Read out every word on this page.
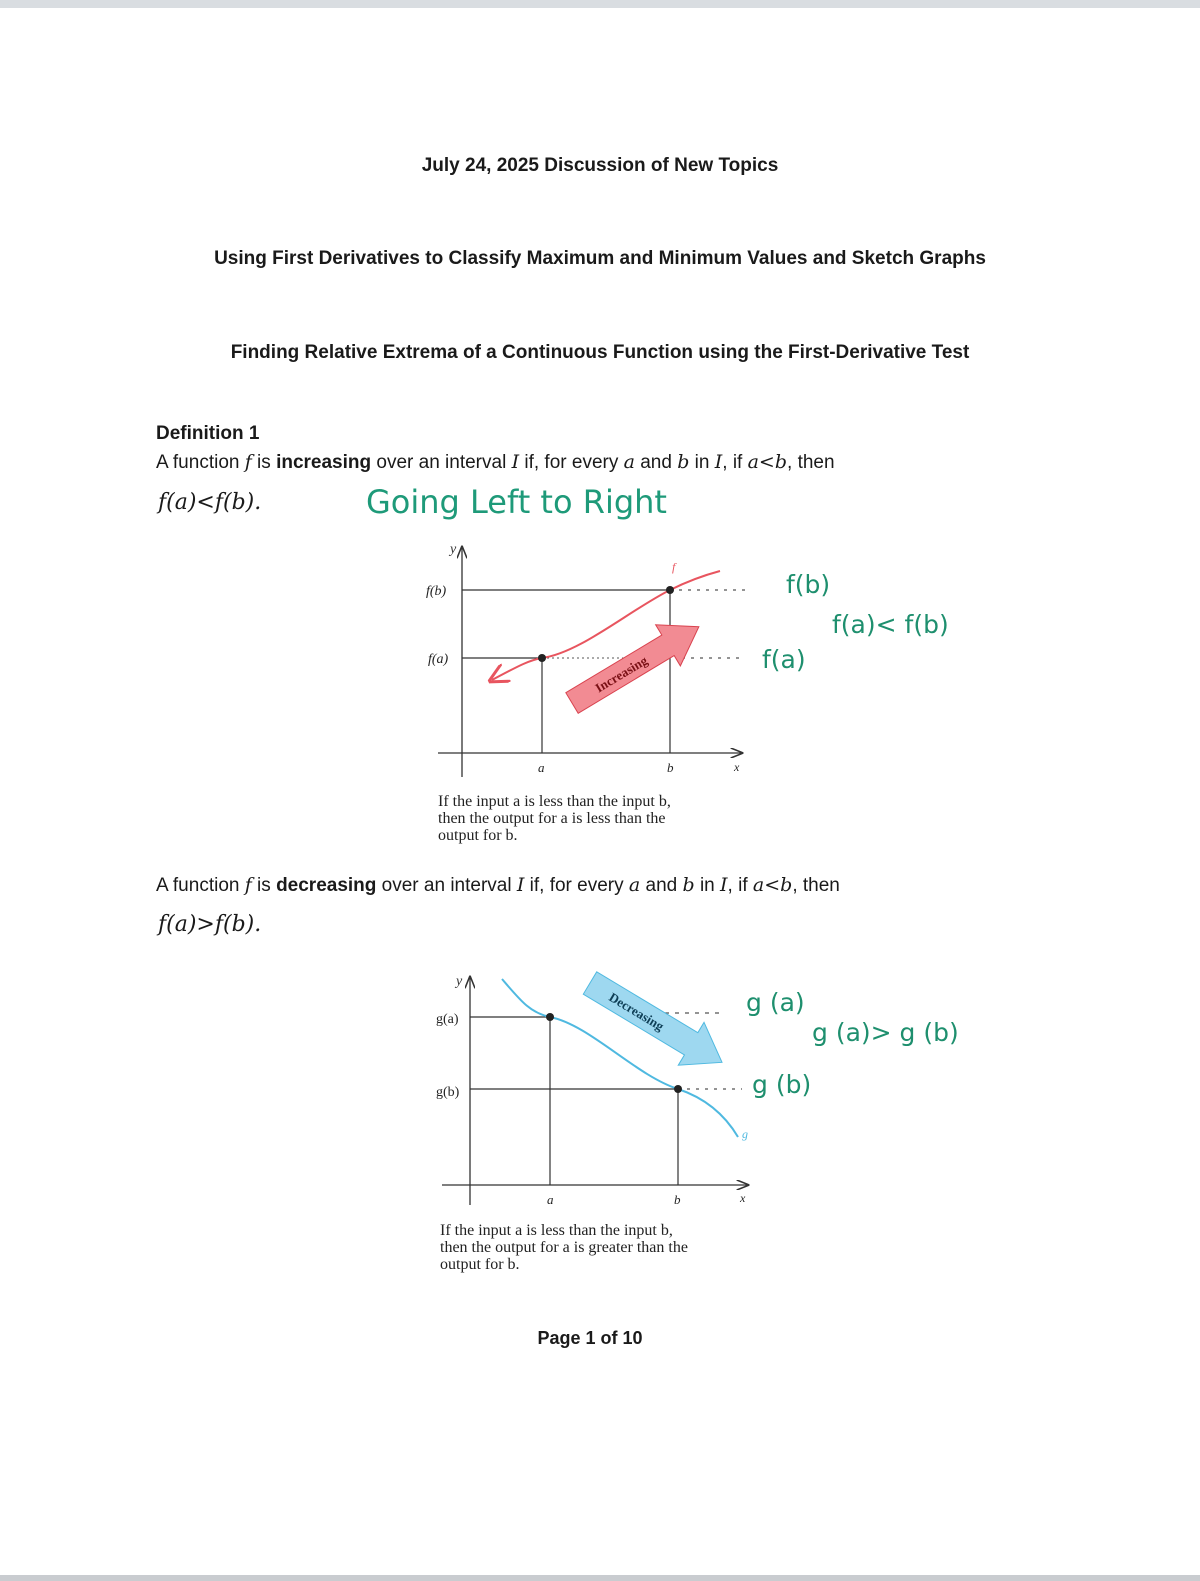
July 24, 2025 Discussion of New Topics
Using First Derivatives to Classify Maximum and Minimum Values and Sketch Graphs
Finding Relative Extrema of a Continuous Function using the First-Derivative Test
Definition 1
A function f is increasing over an interval I if, for every a and b in I, if a<b, then
f(a)<f(b).	Going Left to Right
y
f(b)
f(a)
a	b	x
f
Increasing
f(b)
f(a)< f(b)
f(a)
If the input a is less than the input b,
then the output for a is less than the
output for b.
A function f is decreasing over an interval I if, for every a and b in I, if a<b, then
f(a)>f(b).
y
g(a)
g(b)
a	b	x
g
Decreasing	g (a)
g (a)> g (b)
g (b)
If the input a is less than the input b,
then the output for a is greater than the
output for b.
Page 1 of 10
